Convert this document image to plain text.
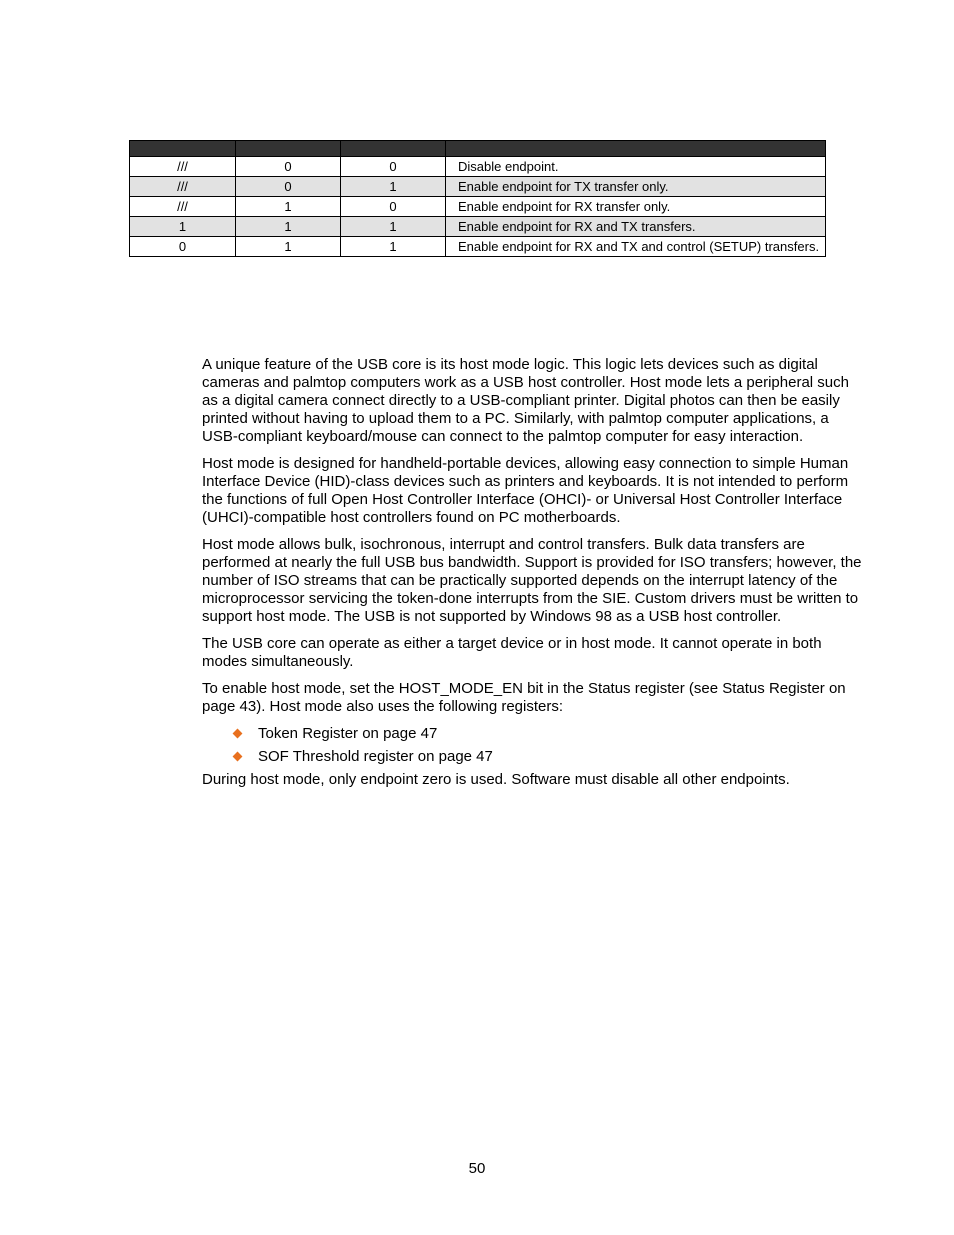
///	0	0	Disable endpoint.
///	0	1	Enable endpoint for TX transfer only.
///	1	0	Enable endpoint for RX transfer only.
1	1	1	Enable endpoint for RX and TX transfers.
0	1	1	Enable endpoint for RX and TX and control (SETUP) transfers.

A unique feature of the USB core is its host mode logic. This logic lets devices such as digital cameras and palmtop computers work as a USB host controller. Host mode lets a peripheral such as a digital camera connect directly to a USB-compliant printer. Digital photos can then be easily printed without having to upload them to a PC. Similarly, with palmtop computer applications, a USB-compliant keyboard/mouse can connect to the palmtop computer for easy interaction.

Host mode is designed for handheld-portable devices, allowing easy connection to simple Human Interface Device (HID)-class devices such as printers and keyboards. It is not intended to perform the functions of full Open Host Controller Interface (OHCI)- or Universal Host Controller Interface (UHCI)-compatible host controllers found on PC motherboards.

Host mode allows bulk, isochronous, interrupt and control transfers. Bulk data transfers are performed at nearly the full USB bus bandwidth. Support is provided for ISO transfers; however, the number of ISO streams that can be practically supported depends on the interrupt latency of the microprocessor servicing the token-done interrupts from the SIE. Custom drivers must be written to support host mode. The USB is not supported by Windows 98 as a USB host controller.

The USB core can operate as either a target device or in host mode. It cannot operate in both modes simultaneously.

To enable host mode, set the HOST_MODE_EN bit in the Status register (see Status Register on page 43). Host mode also uses the following registers:

Token Register on page 47
SOF Threshold register on page 47

During host mode, only endpoint zero is used. Software must disable all other endpoints.

50
